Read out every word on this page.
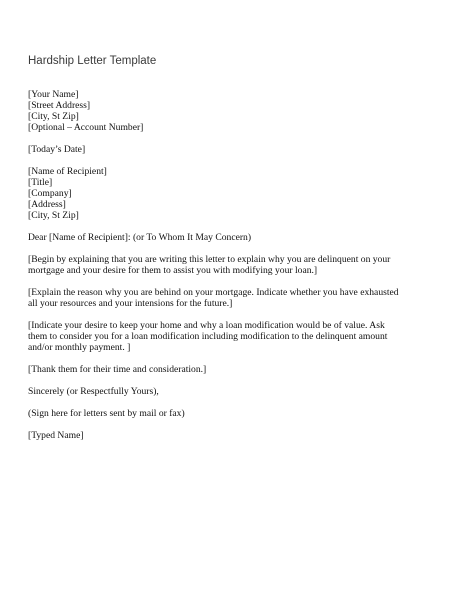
Hardship Letter Template
[Your Name]
[Street Address]
[City, St Zip]
[Optional – Account Number]
[Today’s Date]
[Name of Recipient]
[Title]
[Company]
[Address]
[City, St Zip]
Dear [Name of Recipient]: (or To Whom It May Concern)
[Begin by explaining that you are writing this letter to explain why you are delinquent on your
mortgage and your desire for them to assist you with modifying your loan.]
[Explain the reason why you are behind on your mortgage. Indicate whether you have exhausted
all your resources and your intensions for the future.]
[Indicate your desire to keep your home and why a loan modification would be of value. Ask
them to consider you for a loan modification including modification to the delinquent amount
and/or monthly payment. ]
[Thank them for their time and consideration.]
Sincerely (or Respectfully Yours),
(Sign here for letters sent by mail or fax)
[Typed Name]
